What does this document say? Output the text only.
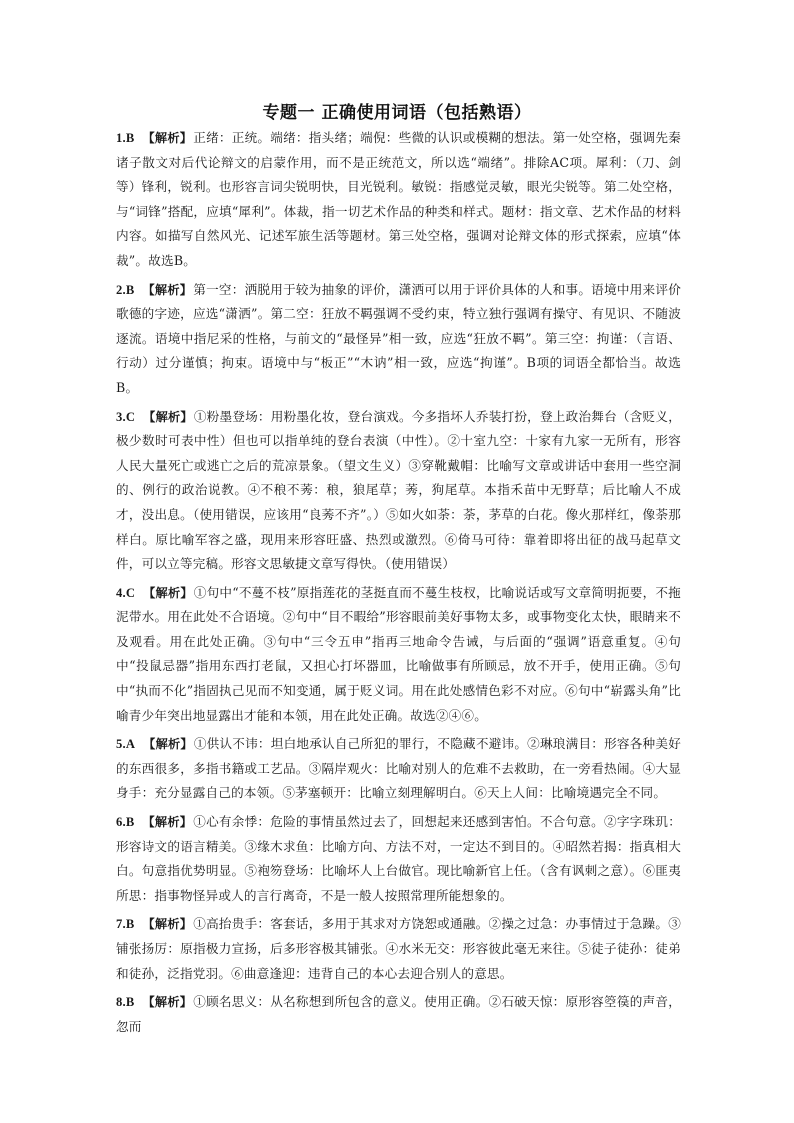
专题一 正确使用词语（包括熟语）

1.B 【解析】正绪：正统。端绪：指头绪；端倪：些微的认识或模糊的想法。第一处空格，强调先秦诸子散文对后代论辩文的启蒙作用，而不是正统范文，所以选“端绪”。排除AC项。犀利：（刀、剑等）锋利，锐利。也形容言词尖锐明快，目光锐利。敏锐：指感觉灵敏，眼光尖锐等。第二处空格，与“词锋”搭配，应填“犀利”。体裁，指一切艺术作品的种类和样式。题材：指文章、艺术作品的材料内容。如描写自然风光、记述军旅生活等题材。第三处空格，强调对论辩文体的形式探索，应填“体裁”。故选B。

2.B 【解析】第一空：洒脱用于较为抽象的评价，潇洒可以用于评价具体的人和事。语境中用来评价歌德的字迹，应选“潇洒”。第二空：狂放不羁强调不受约束，特立独行强调有操守、有见识、不随波逐流。语境中指尼采的性格，与前文的“最怪异”相一致，应选“狂放不羁”。第三空：拘谨：（言语、行动）过分谨慎；拘束。语境中与“板正”“木讷”相一致，应选“拘谨”。B项的词语全都恰当。故选B。

3.C 【解析】①粉墨登场：用粉墨化妆，登台演戏。今多指坏人乔装打扮，登上政治舞台（含贬义，极少数时可表中性）但也可以指单纯的登台表演（中性）。②十室九空：十家有九家一无所有，形容人民大量死亡或逃亡之后的荒凉景象。（望文生义）③穿靴戴帽：比喻写文章或讲话中套用一些空洞的、例行的政治说教。④不稂不莠：稂，狼尾草；莠，狗尾草。本指禾苗中无野草；后比喻人不成才，没出息。（使用错误，应该用“良莠不齐”。）⑤如火如荼：荼，茅草的白花。像火那样红，像荼那样白。原比喻军容之盛，现用来形容旺盛、热烈或激烈。⑥倚马可待：靠着即将出征的战马起草文件，可以立等完稿。形容文思敏捷文章写得快。（使用错误）

4.C 【解析】①句中“不蔓不枝”原指莲花的茎挺直而不蔓生枝杈，比喻说话或写文章简明扼要，不拖泥带水。用在此处不合语境。②句中“目不暇给”形容眼前美好事物太多，或事物变化太快，眼睛来不及观看。用在此处正确。③句中“三令五申”指再三地命令告诫，与后面的“强调”语意重复。④句中“投鼠忌器”指用东西打老鼠，又担心打坏器皿，比喻做事有所顾忌，放不开手，使用正确。⑤句中“执而不化”指固执己见而不知变通，属于贬义词。用在此处感情色彩不对应。⑥句中“崭露头角”比喻青少年突出地显露出才能和本领，用在此处正确。故选②④⑥。

5.A 【解析】①供认不讳：坦白地承认自己所犯的罪行，不隐藏不避讳。②琳琅满目：形容各种美好的东西很多，多指书籍或工艺品。③隔岸观火：比喻对别人的危难不去救助，在一旁看热闹。④大显身手：充分显露自己的本领。⑤茅塞顿开：比喻立刻理解明白。⑥天上人间：比喻境遇完全不同。

6.B 【解析】①心有余悸：危险的事情虽然过去了，回想起来还感到害怕。不合句意。②字字珠玑：形容诗文的语言精美。③缘木求鱼：比喻方向、方法不对，一定达不到目的。④昭然若揭：指真相大白。句意指优势明显。⑤袍笏登场：比喻坏人上台做官。现比喻新官上任。（含有讽刺之意）。⑥匪夷所思：指事物怪异或人的言行离奇，不是一般人按照常理所能想象的。

7.B 【解析】①高抬贵手：客套话，多用于其求对方饶恕或通融。②操之过急：办事情过于急躁。③铺张扬厉：原指极力宣扬，后多形容极其铺张。④水米无交：形容彼此毫无来往。⑤徒子徒孙：徒弟和徒孙，泛指党羽。⑥曲意逢迎：违背自己的本心去迎合别人的意思。

8.B 【解析】①顾名思义：从名称想到所包含的意义。使用正确。②石破天惊：原形容箜篌的声音，忽而
